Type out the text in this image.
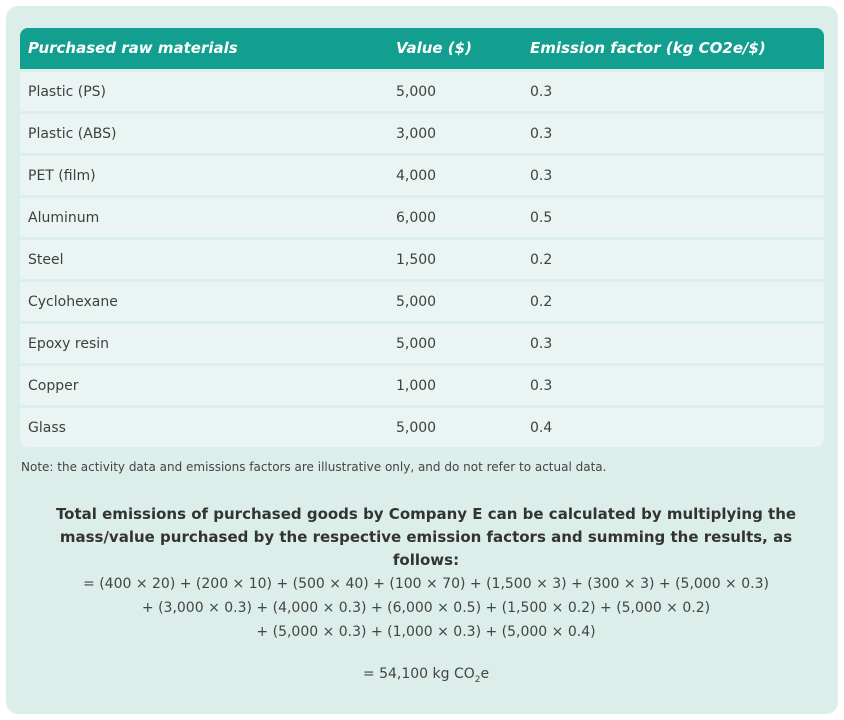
Purchased raw materials	Value ($)	Emission factor (kg CO2e/$)
Plastic (PS)	5,000	0.3
Plastic (ABS)	3,000	0.3
PET (film)	4,000	0.3
Aluminum	6,000	0.5
Steel	1,500	0.2
Cyclohexane	5,000	0.2
Epoxy resin	5,000	0.3
Copper	1,000	0.3
Glass	5,000	0.4
Note: the activity data and emissions factors are illustrative only, and do not refer to actual data.
Total emissions of purchased goods by Company E can be calculated by multiplying the mass/value purchased by the respective emission factors and summing the results, as follows:
= (400 × 20) + (200 × 10) + (500 × 40) + (100 × 70) + (1,500 × 3) + (300 × 3) + (5,000 × 0.3)
+ (3,000 × 0.3) + (4,000 × 0.3) + (6,000 × 0.5) + (1,500 × 0.2) + (5,000 × 0.2)
+ (5,000 × 0.3) + (1,000 × 0.3) + (5,000 × 0.4)
= 54,100 kg $CO_2e$
